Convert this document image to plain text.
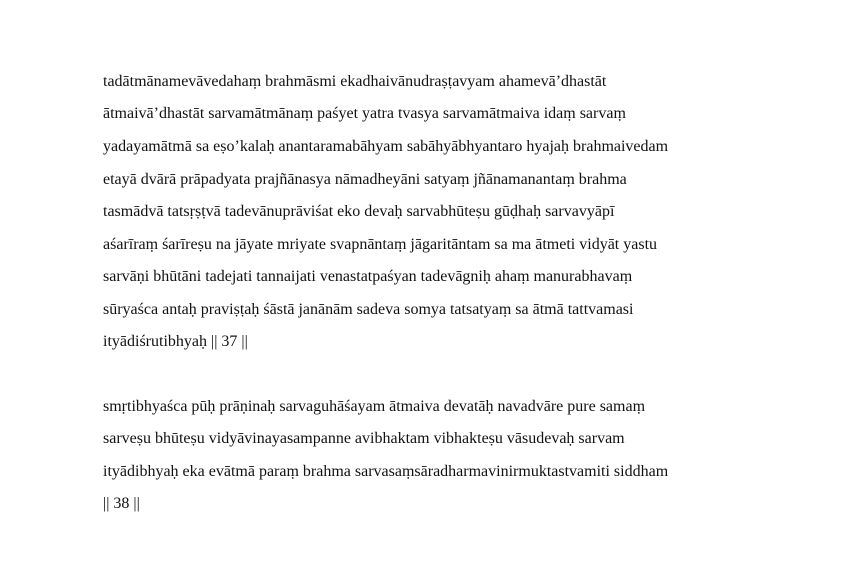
tadātmānamevāvedahaṃ brahmāsmi ekadhaivānudraṣṭavyam ahamevā’dhastāt
ātmaivā’dhastāt sarvamātmānaṃ paśyet yatra tvasya sarvamātmaiva idaṃ sarvaṃ
yadayamātmā sa eṣo’kalaḥ anantaramabāhyam sabāhyābhyantaro hyajaḥ brahmaivedam
etayā dvārā prāpadyata prajñānasya nāmadheyāni satyaṃ jñānamanantaṃ brahma
tasmādvā tatsṛṣṭvā tadevānuprāviśat eko devaḥ sarvabhūteṣu gūḍhaḥ sarvavyāpī
aśarīraṃ śarīreṣu na jāyate mriyate svapnāntaṃ jāgaritāntam sa ma ātmeti vidyāt yastu
sarvāṇi bhūtāni tadejati tannaijati venastatpaśyan tadevāgniḥ ahaṃ manurabhavaṃ
sūryaśca antaḥ praviṣṭaḥ śāstā janānām sadeva somya tatsatyaṃ sa ātmā tattvamasi
ityādiśrutibhyaḥ || 37 ||
smṛtibhyaśca pūḥ prāṇinaḥ sarvaguhāśayam ātmaiva devatāḥ navadvāre pure samaṃ
sarveṣu bhūteṣu vidyāvinayasampanne avibhaktam vibhakteṣu vāsudevaḥ sarvam
ityādibhyaḥ eka evātmā paraṃ brahma sarvasaṃsāradharmavinirmuktastvamiti siddham
|| 38 ||
